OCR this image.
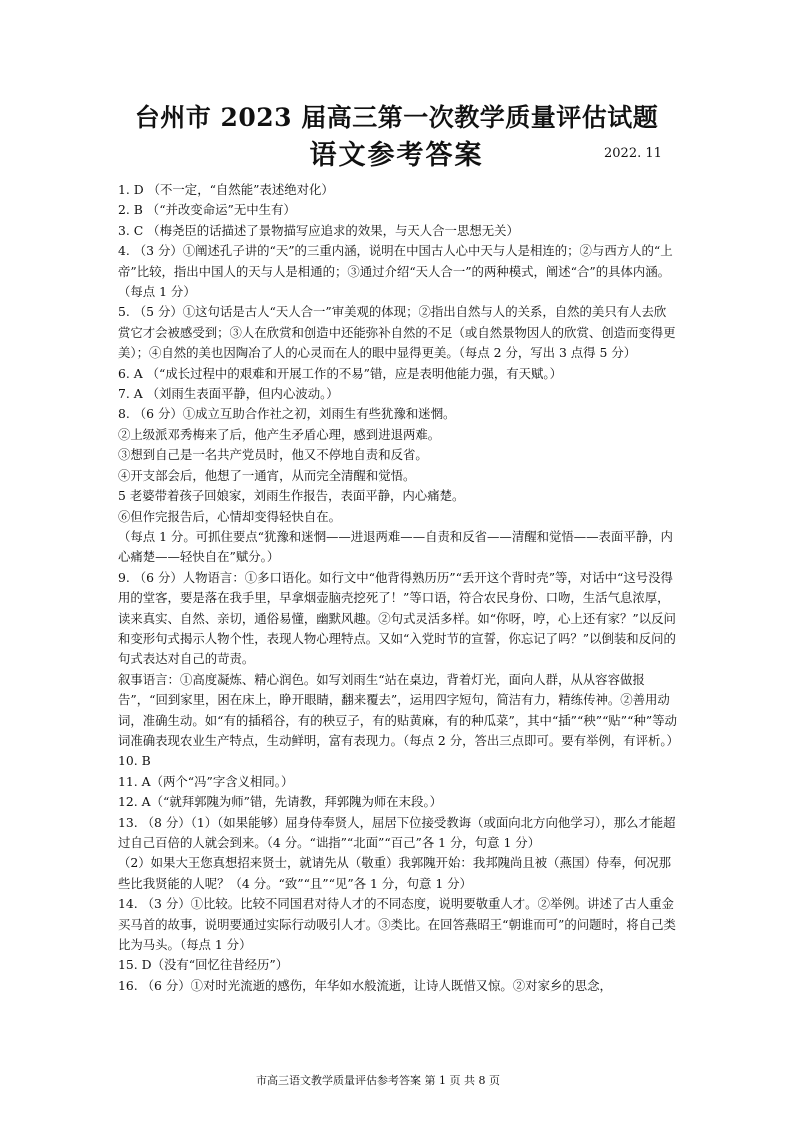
台州市 2023 届高三第一次教学质量评估试题
语文参考答案	2022. 11

1. D （不一定，“自然能”表述绝对化）

2. B （“并改变命运”无中生有）

3. C （梅尧臣的话描述了景物描写应追求的效果，与天人合一思想无关）

4. （3 分）①阐述孔子讲的“天”的三重内涵，说明在中国古人心中天与人是相连的；②与西方人的“上帝”比较，指出中国人的天与人是相通的；③通过介绍“天人合一”的两种模式，阐述“合”的具体内涵。（每点 1 分）

5. （5 分）①这句话是古人“天人合一”审美观的体现；②指出自然与人的关系，自然的美只有人去欣赏它才会被感受到；③人在欣赏和创造中还能弥补自然的不足（或自然景物因人的欣赏、创造而变得更美）；④自然的美也因陶冶了人的心灵而在人的眼中显得更美。（每点 2 分，写出 3 点得 5 分）

6. A （“成长过程中的艰难和开展工作的不易”错，应是表明他能力强，有天赋。）

7. A （刘雨生表面平静，但内心波动。）

8. （6 分）①成立互助合作社之初，刘雨生有些犹豫和迷惘。

②上级派邓秀梅来了后，他产生矛盾心理，感到进退两难。

③想到自己是一名共产党员时，他又不停地自责和反省。

④开支部会后，他想了一通宵，从而完全清醒和觉悟。

5 老婆带着孩子回娘家，刘雨生作报告，表面平静，内心痛楚。

⑥但作完报告后，心情却变得轻快自在。

（每点 1 分。可抓住要点“犹豫和迷惘——进退两难——自责和反省——清醒和觉悟——表面平静，内心痛楚——轻快自在”赋分。）

9. （6 分）人物语言：①多口语化。如行文中“他背得熟历历”“丢开这个背时壳”等，对话中“这号没得用的堂客，要是落在我手里，早拿烟壶脑壳挖死了！”等口语，符合农民身份、口吻，生活气息浓厚，读来真实、自然、亲切，通俗易懂，幽默风趣。②句式灵活多样。如“你呀，哼，心上还有家？”以反问和变形句式揭示人物个性，表现人物心理特点。又如“入党时节的宣誓，你忘记了吗？”以倒装和反问的句式表达对自己的苛责。

叙事语言：①高度凝炼、精心润色。如写刘雨生“站在桌边，背着灯光，面向人群，从从容容做报告”，“回到家里，困在床上，睁开眼睛，翻来覆去”，运用四字短句，简洁有力，精练传神。②善用动词，准确生动。如“有的插稻谷，有的秧豆子，有的贴黄麻，有的种瓜菜”，其中“插”“秧”“贴”“种”等动词准确表现农业生产特点，生动鲜明，富有表现力。（每点 2 分，答出三点即可。要有举例，有评析。）

10. B

11. A（两个“冯”字含义相同。）

12. A（“就拜郭隗为师”错，先请教，拜郭隗为师在末段。）

13. （8 分）（1）（如果能够）屈身侍奉贤人，屈居下位接受教诲（或面向北方向他学习），那么才能超过自己百倍的人就会到来。（4 分。“诎指”“北面”“百己”各 1 分，句意 1 分）

（2）如果大王您真想招来贤士，就请先从（敬重）我郭隗开始：我邦隗尚且被（燕国）侍奉，何况那些比我贤能的人呢？（4 分。“致”“且”“见”各 1 分，句意 1 分）

14. （3 分）①比较。比较不同国君对待人才的不同态度，说明要敬重人才。②举例。讲述了古人重金买马首的故事，说明要通过实际行动吸引人才。③类比。在回答燕昭王“朝谁而可”的问题时，将自己类比为马头。（每点 1 分）

15. D（没有“回忆往昔经历”）

16. （6 分）①对时光流逝的感伤，年华如水般流逝，让诗人既惜又惊。②对家乡的思念，

市高三语文教学质量评估参考答案 第 1 页 共 8 页
